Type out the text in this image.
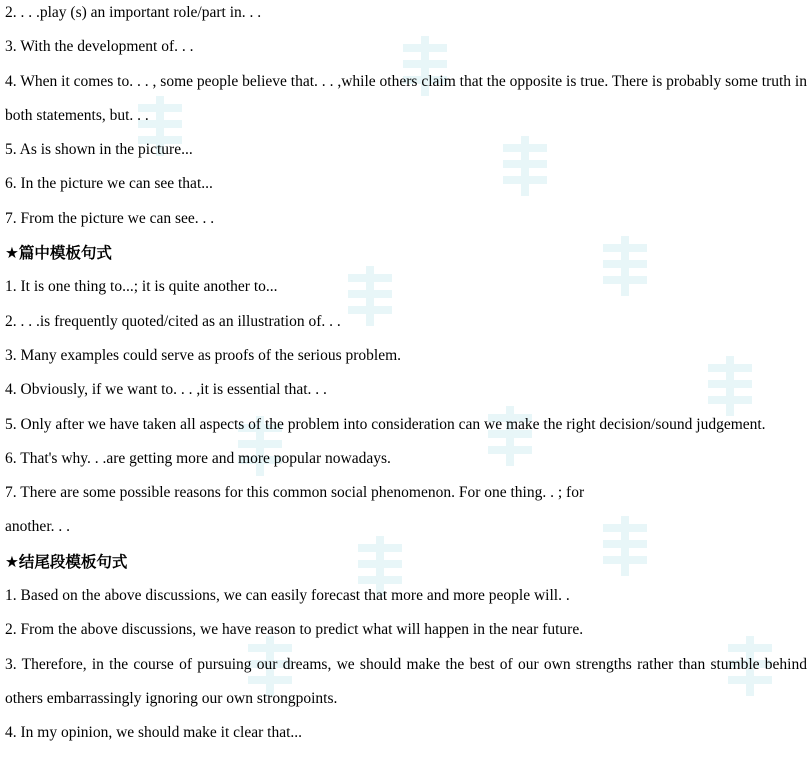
2. . . .play (s) an important role/part in. . .

3. With the development of. . .

4. When it comes to. . . , some people believe that. . . ,while others claim that the opposite is true. There is probably some truth in both statements, but. . .

5. As is shown in the picture...

6. In the picture we can see that...

7. From the picture we can see. . .

★篇中模板句式

1. It is one thing to...; it is quite another to...

2. . . .is frequently quoted/cited as an illustration of. . .

3. Many examples could serve as proofs of the serious problem.

4. Obviously, if we want to. . . ,it is essential that. . .

5. Only after we have taken all aspects of the problem into consideration can we make the right decision/sound judgement.

6. That's why. . .are getting more and more popular nowadays.

7. There are some possible reasons for this common social phenomenon. For one thing. . ; for

another. . .

★结尾段模板句式

1. Based on the above discussions, we can easily forecast that more and more people will. .

2. From the above discussions, we have reason to predict what will happen in the near future.

3. Therefore, in the course of pursuing our dreams, we should make the best of our own strengths rather than stumble behind others embarrassingly ignoring our own strongpoints.

4. In my opinion, we should make it clear that...
